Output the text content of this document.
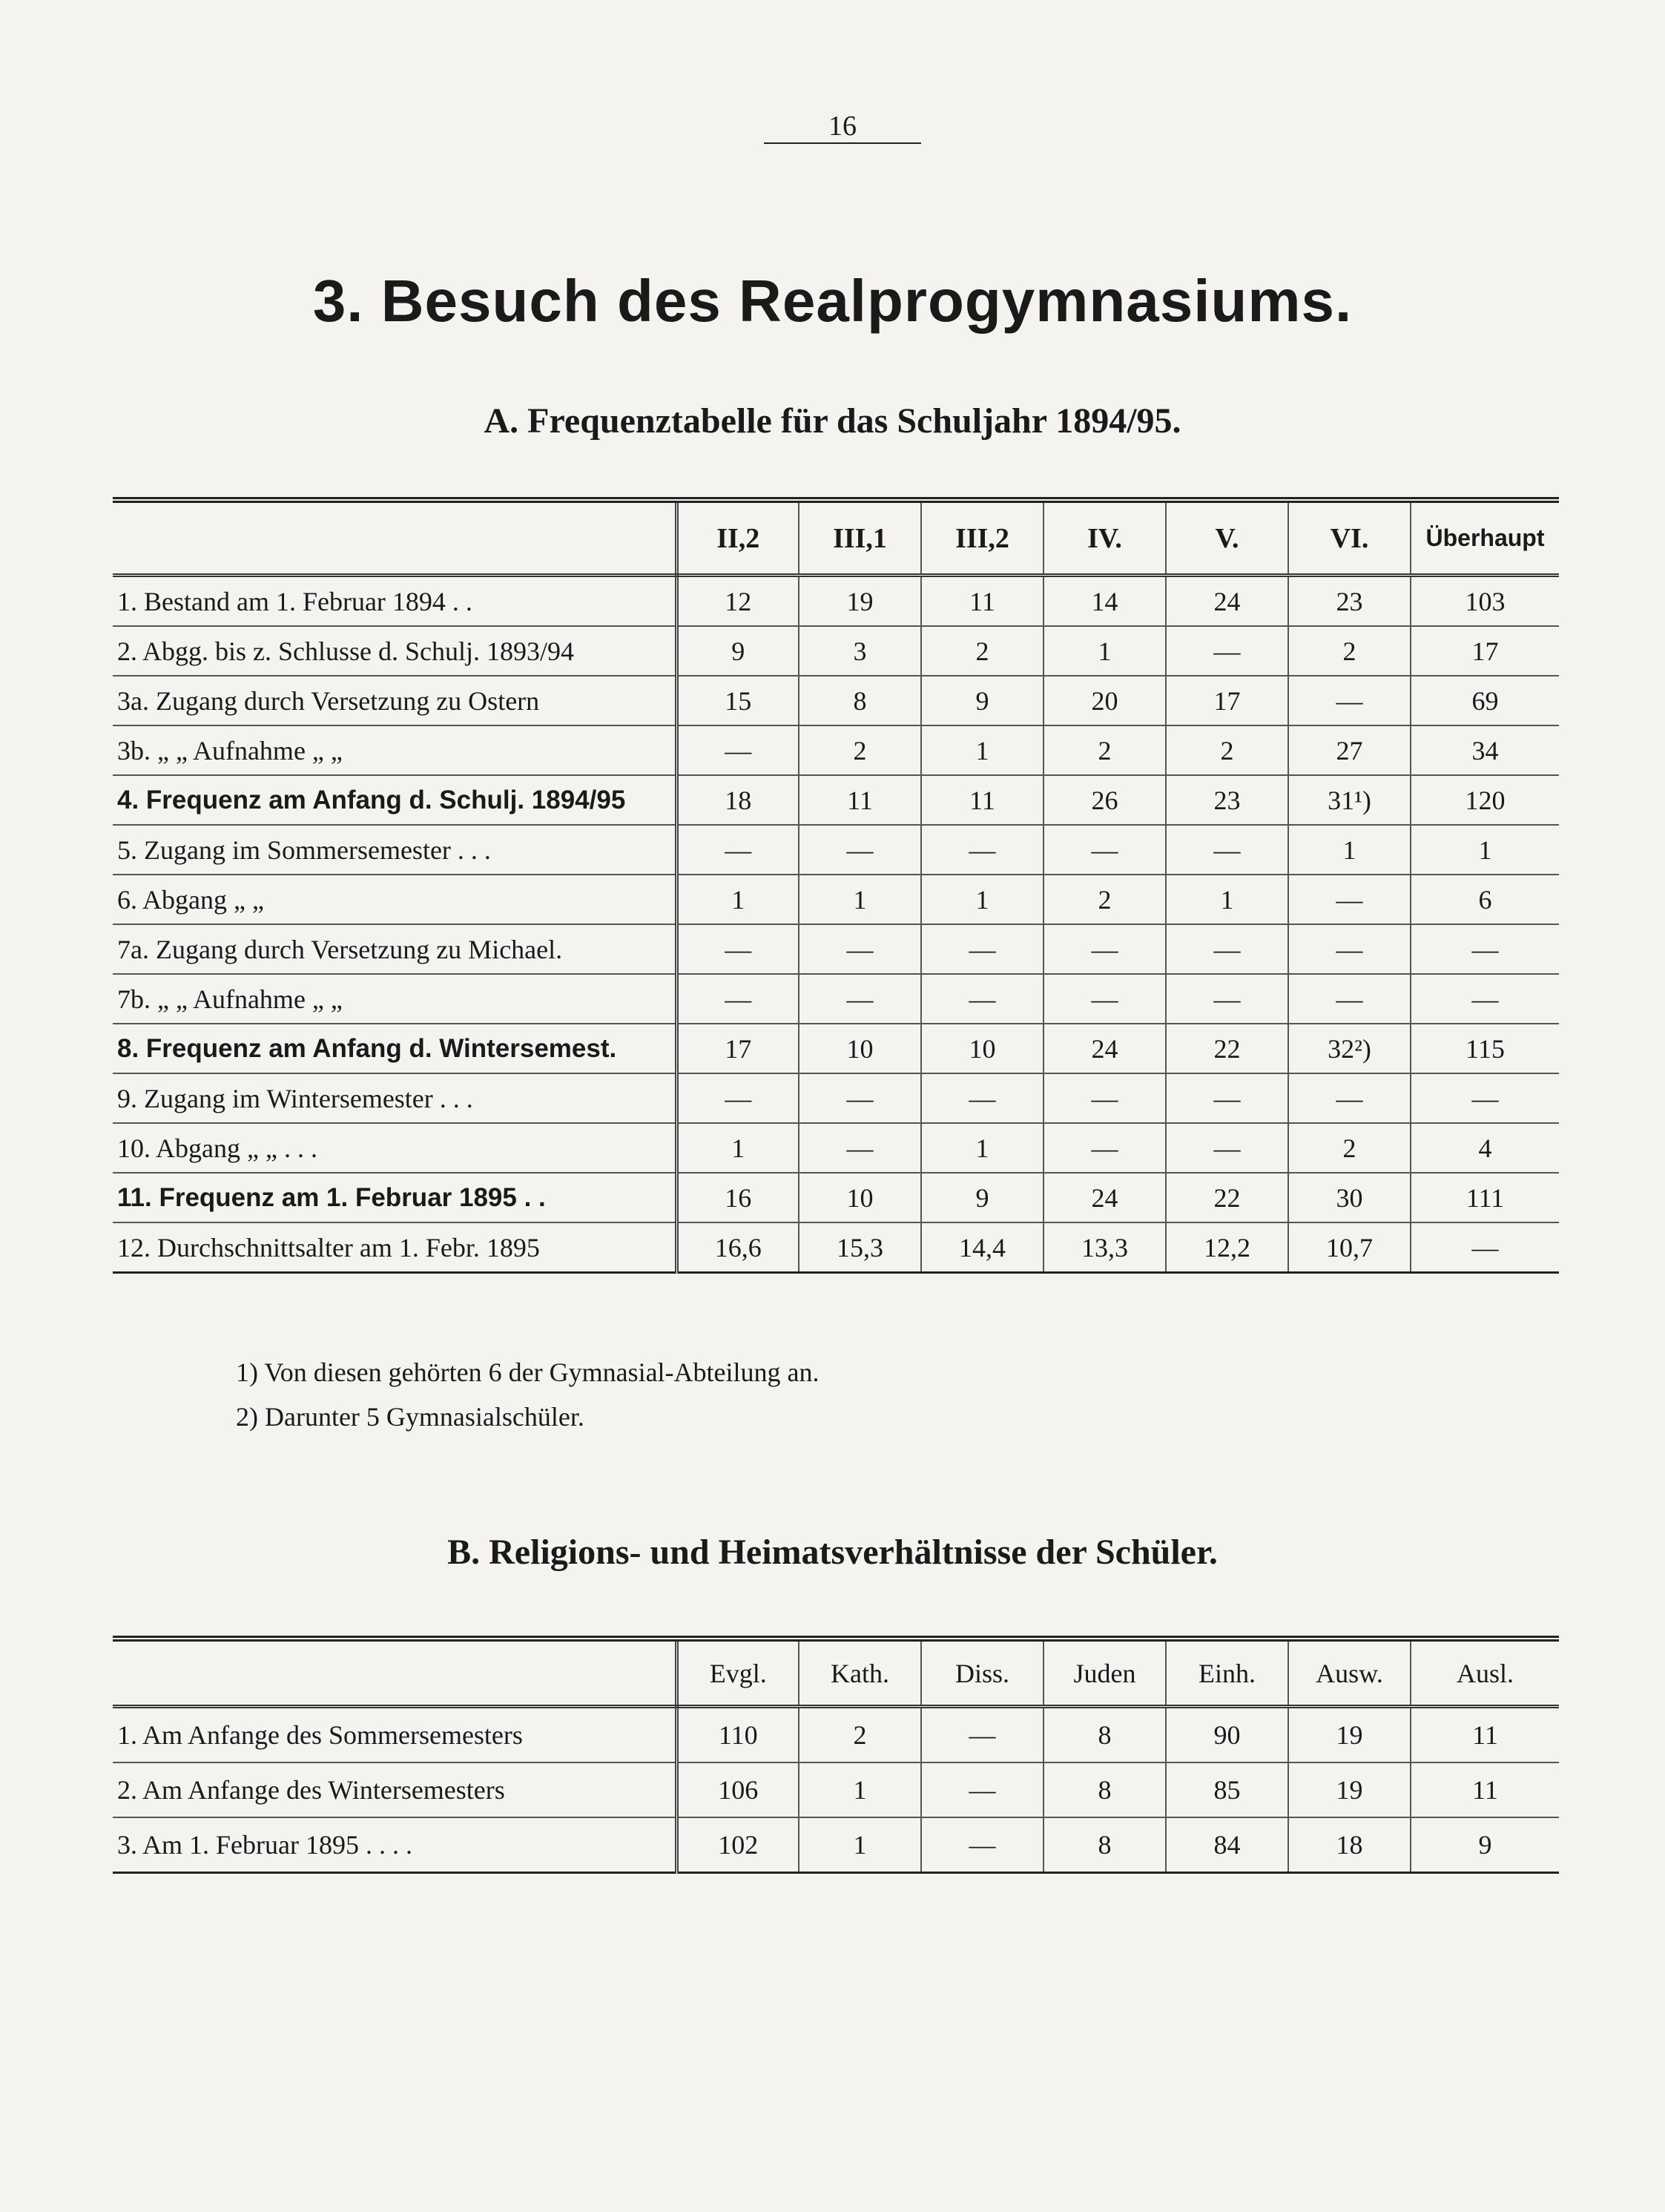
16
3. Besuch des Realprogymnasiums.
A. Frequenztabelle für das Schuljahr 1894/95.
	II,2	III,1	III,2	IV.	V.	VI.	Überhaupt
1. Bestand am 1. Februar 1894 . .	12	19	11	14	24	23	103
2. Abgg. bis z. Schlusse d. Schulj. 1893/94	9	3	2	1	—	2	17
3a. Zugang durch Versetzung zu Ostern	15	8	9	20	17	—	69
3b. „ „ Aufnahme „ „	—	2	1	2	2	27	34
4. Frequenz am Anfang d. Schulj. 1894/95	18	11	11	26	23	31¹)	120
5. Zugang im Sommersemester . . .	—	—	—	—	—	1	1
6. Abgang „ „	1	1	1	2	1	—	6
7a. Zugang durch Versetzung zu Michael.	—	—	—	—	—	—	—
7b. „ „ Aufnahme „ „	—	—	—	—	—	—	—
8. Frequenz am Anfang d. Wintersemest.	17	10	10	24	22	32²)	115
9. Zugang im Wintersemester . . .	—	—	—	—	—	—	—
10. Abgang „ „ . . .	1	—	1	—	—	2	4
11. Frequenz am 1. Februar 1895 . .	16	10	9	24	22	30	111
12. Durchschnittsalter am 1. Febr. 1895	16,6	15,3	14,4	13,3	12,2	10,7	—
1) Von diesen gehörten 6 der Gymnasial-Abteilung an.
2) Darunter 5 Gymnasialschüler.
B. Religions- und Heimatsverhältnisse der Schüler.
	Evgl.	Kath.	Diss.	Juden	Einh.	Ausw.	Ausl.
1. Am Anfange des Sommersemesters	110	2	—	8	90	19	11
2. Am Anfange des Wintersemesters	106	1	—	8	85	19	11
3. Am 1. Februar 1895 . . . .	102	1	—	8	84	18	9
